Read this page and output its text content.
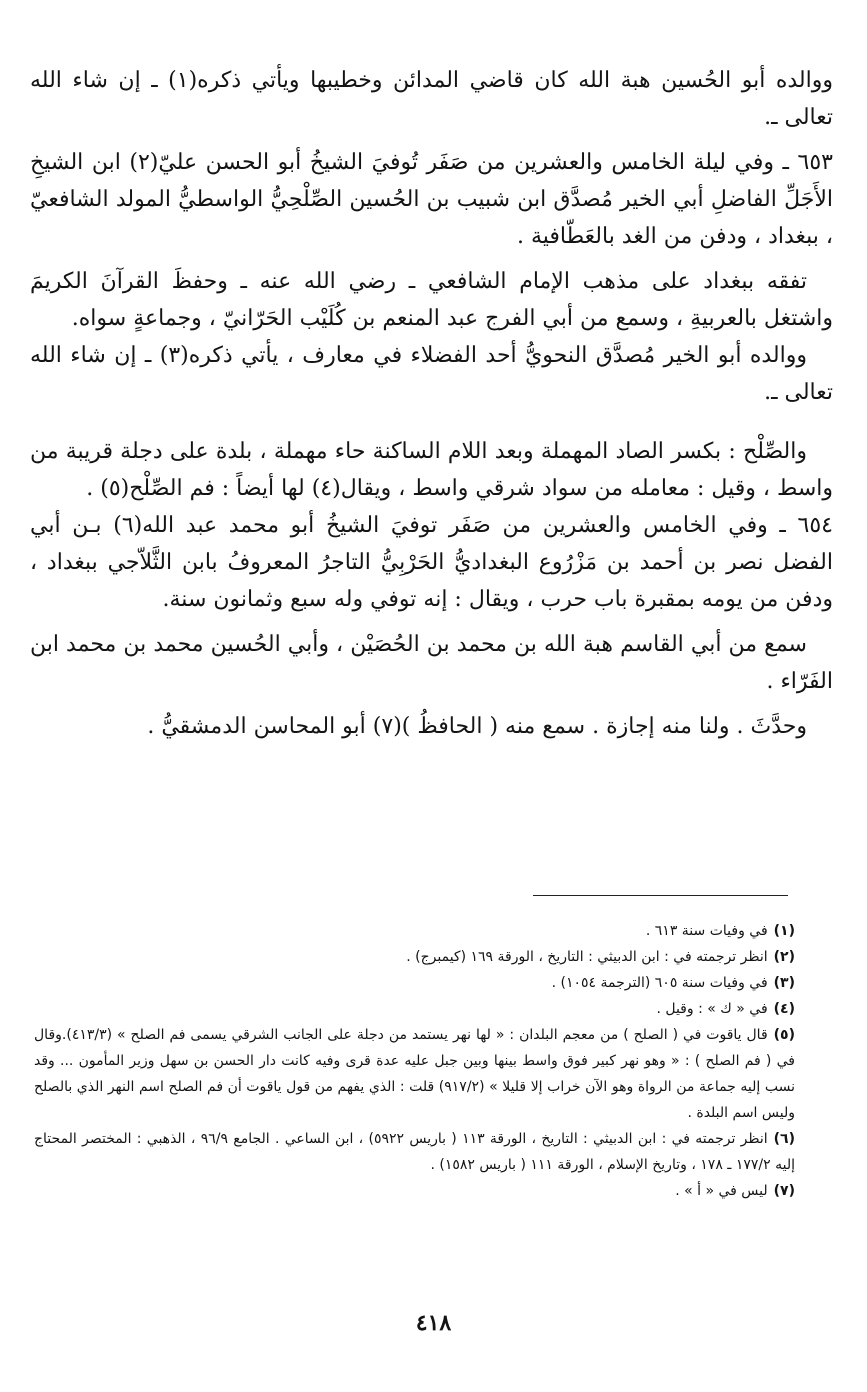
ووالده أبو الحُسين هبة الله كان قاضي المدائن وخطيبها ويأتي ذكره(١) ـ إن شاء الله تعالى ـ.

٦٥٣ ـ وفي ليلة الخامس والعشرين من صَفَر تُوفيَ الشيخُ أبو الحسن عليّ(٢) ابن الشيخِ الأَجَلِّ الفاضلِ أبي الخير مُصدَّق ابن شبيب بن الحُسين الصِّلْحِيُّ الواسطيُّ المولد الشافعيّ ، ببغداد ، ودفن من الغد بالعَطّافية .

تفقه ببغداد على مذهب الإمام الشافعي ـ رضي الله عنه ـ وحفظَ القرآنَ الكريمَ واشتغل بالعربيةِ ، وسمع من أبي الفرج عبد المنعم بن كُلَيْب الحَرّانيّ ، وجماعةٍ سواه.

ووالده أبو الخير مُصدَّق النحويُّ أحد الفضلاء في معارف ، يأتي ذكره(٣) ـ إن شاء الله تعالى ـ.

والصِّلْح : بكسر الصاد المهملة وبعد اللام الساكنة حاء مهملة ، بلدة على دجلة قريبة من واسط ، وقيل : معامله من سواد شرقي واسط ، ويقال(٤) لها أيضاً : فم الصِّلْح(٥) .

٦٥٤ ـ وفي الخامس والعشرين من صَفَر توفيَ الشيخُ أبو محمد عبد الله(٦) بـن أبي الفضل نصر بن أحمد بن مَزْرُوع البغداديُّ الحَرْبِيُّ التاجرُ المعروفُ بابن الثَّلاّجي ببغداد ، ودفن من يومه بمقبرة باب حرب ، ويقال : إنه توفي وله سبع وثمانون سنة.

سمع من أبي القاسم هبة الله بن محمد بن الحُصَيْن ، وأبي الحُسين محمد بن محمد ابن الفَرّاء .

وحدَّثَ . ولنا منه إجازة . سمع منه ( الحافظُ )(٧) أبو المحاسن الدمشقيُّ .

(١)في وفيات سنة ٦١٣ .

(٢)انظر ترجمته في : ابن الدبيثي : التاريخ ، الورقة ١٦٩ (كيمبرج) .

(٣)في وفيات سنة ٦٠٥ (الترجمة ١٠٥٤) .

(٤)في « ك » : وقيل .

(٥)قال ياقوت في ( الصلح ) من معجم البلدان : « لها نهر يستمد من دجلة على الجانب الشرقي يسمى فم الصلح » (٤١٣/٣).وقال في ( فم الصلح ) : « وهو نهر كبير فوق واسط بينها وبين جبل عليه عدة قرى وفيه كانت دار الحسن بن سهل وزير المأمون ... وقد نسب إليه جماعة من الرواة وهو الآن خراب إلا قليلا » (٩١٧/٢) قلت : الذي يفهم من قول ياقوت أن فم الصلح اسم النهر الذي بالصلح وليس اسم البلدة .

(٦)انظر ترجمته في : ابن الدبيثي : التاريخ ، الورقة ١١٣ ( باريس ٥٩٢٢) ، ابن الساعي . الجامع ٩٦/٩ ، الذهبي : المختصر المحتاج إليه ١٧٧/٢ ـ ١٧٨ ، وتاريخ الإسلام ، الورقة ١١١ ( باريس ١٥٨٢) .

(٧)ليس في « أ » .

٤١٨
